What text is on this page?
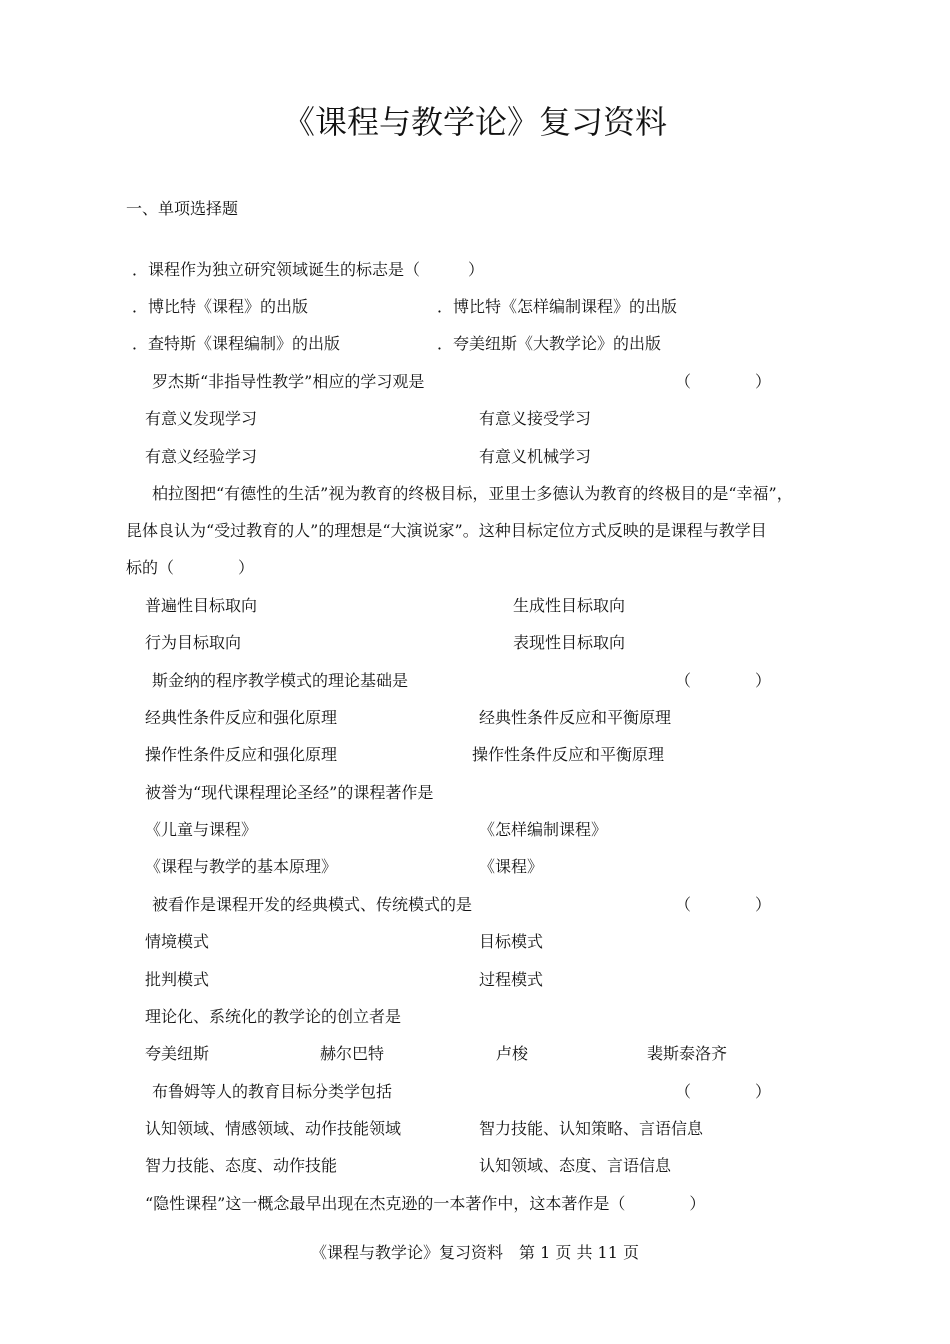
《课程与教学论》复习资料
一、单项选择题
．课程作为独立研究领域诞生的标志是（　　　）
．博比特《课程》的出版	．博比特《怎样编制课程》的出版
．查特斯《课程编制》的出版	．夸美纽斯《大教学论》的出版
罗杰斯“非指导性教学”相应的学习观是	（　　　　）
有意义发现学习	有意义接受学习
有意义经验学习	有意义机械学习
柏拉图把“有德性的生活”视为教育的终极目标，亚里士多德认为教育的终极目的是“幸福”，
昆体良认为“受过教育的人”的理想是“大演说家”。这种目标定位方式反映的是课程与教学目
标的（　　　　）
普遍性目标取向	生成性目标取向
行为目标取向	表现性目标取向
斯金纳的程序教学模式的理论基础是	（　　　　）
经典性条件反应和强化原理	经典性条件反应和平衡原理
操作性条件反应和强化原理	操作性条件反应和平衡原理
被誉为“现代课程理论圣经”的课程著作是
《儿童与课程》	《怎样编制课程》
《课程与教学的基本原理》	《课程》
被看作是课程开发的经典模式、传统模式的是	（　　　　）
情境模式	目标模式
批判模式	过程模式
理论化、系统化的教学论的创立者是
夸美纽斯	赫尔巴特	卢梭	裴斯泰洛齐
布鲁姆等人的教育目标分类学包括	（　　　　）
认知领域、情感领域、动作技能领域	智力技能、认知策略、言语信息
智力技能、态度、动作技能	认知领域、态度、言语信息
“隐性课程”这一概念最早出现在杰克逊的一本著作中，这本著作是（　　　　）
《课程与教学论》复习资料　第 1 页 共 11 页
